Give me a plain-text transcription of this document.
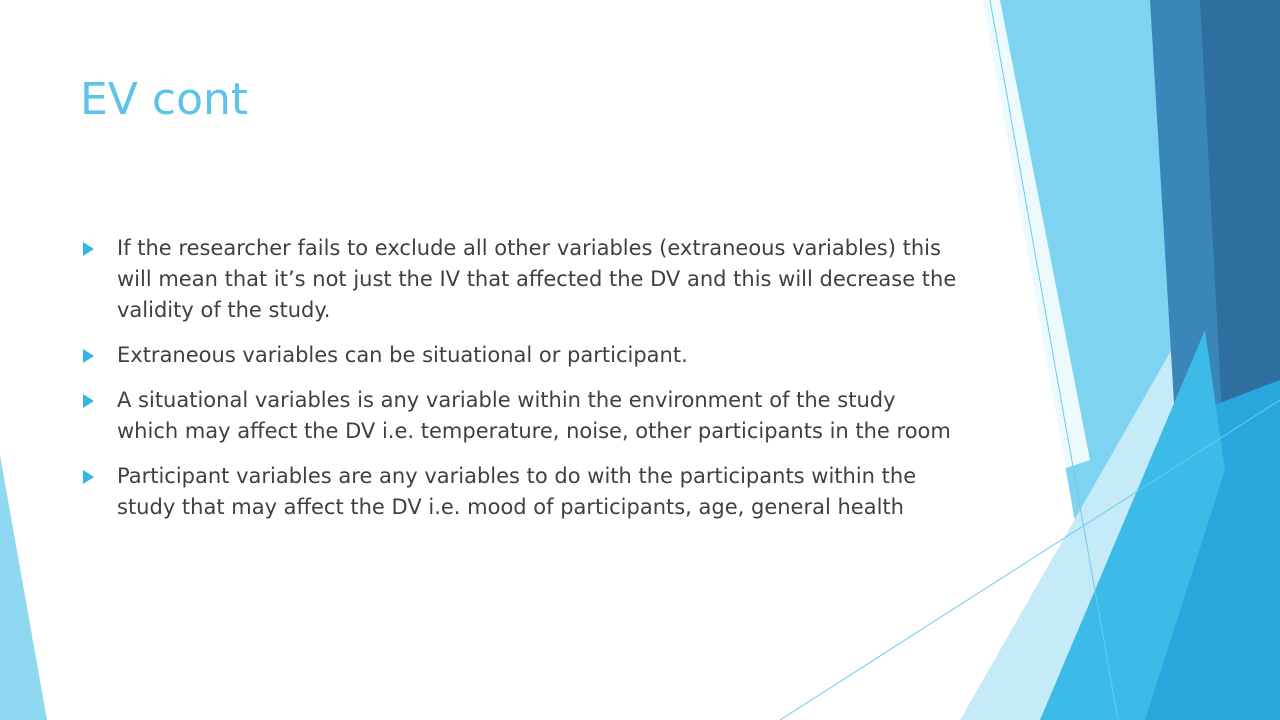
EV cont
If the researcher fails to exclude all other variables (extraneous variables) this will mean that it’s not just the IV that affected the DV and this will decrease the validity of the study.
Extraneous variables can be situational or participant.
A situational variables is any variable within the environment of the study which may affect the DV i.e. temperature, noise, other participants in the room
Participant variables are any variables to do with the participants within the study that may affect the DV i.e. mood of participants, age, general health
